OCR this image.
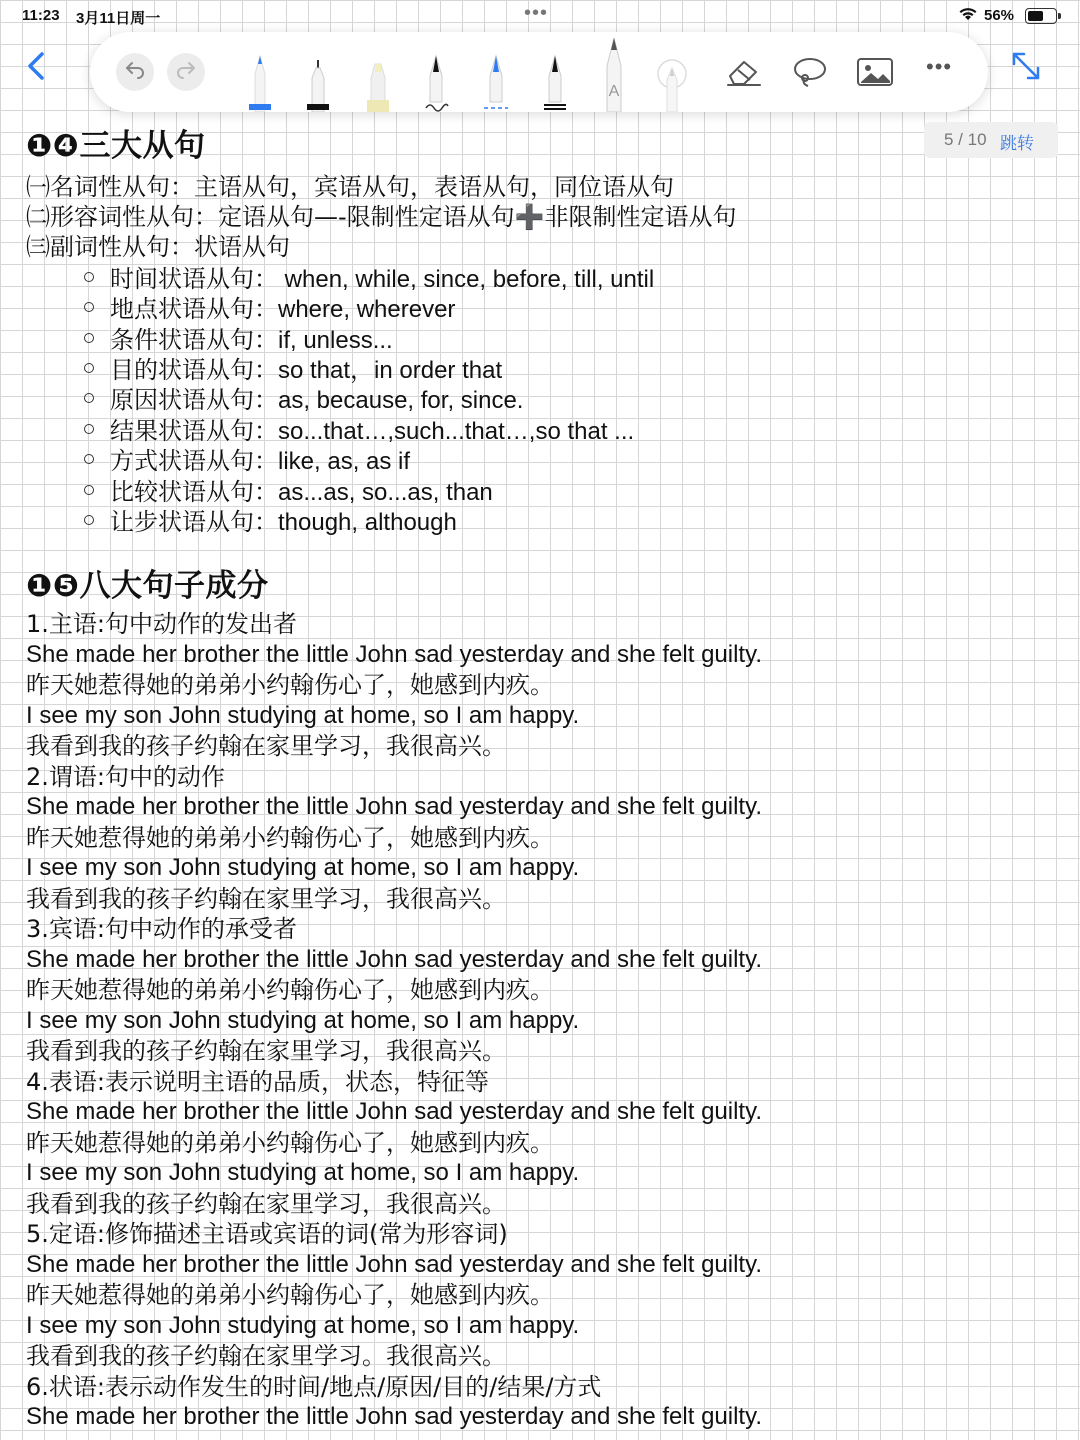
11:23 3月11日周一	•••	56%
A
•••
5 / 10 跳转
❶❹三大从句
㈠名词性从句：主语从句，宾语从句，表语从句，同位语从句
㈡形容词性从句：定语从句—-限制性定语从句➕非限制性定语从句
㈢副词性从句：状语从句
时间状语从句： when, while, since, before, till, until
地点状语从句：where, wherever
条件状语从句：if, unless...
目的状语从句：so that，in order that
原因状语从句：as, because, for, since.
结果状语从句：so...that…,such...that…,so that ...
方式状语从句：like, as, as if
比较状语从句：as...as, so...as, than
让步状语从句：though, although
❶❺八大句子成分
1.主语:句中动作的发出者
She made her brother the little John sad yesterday and she felt guilty.
昨天她惹得她的弟弟小约翰伤心了，她感到内疚。
I see my son John studying at home, so I am happy.
我看到我的孩子约翰在家里学习，我很高兴。
2.谓语:句中的动作
She made her brother the little John sad yesterday and she felt guilty.
昨天她惹得她的弟弟小约翰伤心了，她感到内疚。
I see my son John studying at home, so I am happy.
我看到我的孩子约翰在家里学习，我很高兴。
3.宾语:句中动作的承受者
She made her brother the little John sad yesterday and she felt guilty.
昨天她惹得她的弟弟小约翰伤心了，她感到内疚。
I see my son John studying at home, so I am happy.
我看到我的孩子约翰在家里学习，我很高兴。
4.表语:表示说明主语的品质，状态，特征等
She made her brother the little John sad yesterday and she felt guilty.
昨天她惹得她的弟弟小约翰伤心了，她感到内疚。
I see my son John studying at home, so I am happy.
我看到我的孩子约翰在家里学习，我很高兴。
5.定语:修饰描述主语或宾语的词(常为形容词)
She made her brother the little John sad yesterday and she felt guilty.
昨天她惹得她的弟弟小约翰伤心了，她感到内疚。
I see my son John studying at home, so I am happy.
我看到我的孩子约翰在家里学习。我很高兴。
6.状语:表示动作发生的时间/地点/原因/目的/结果/方式
She made her brother the little John sad yesterday and she felt guilty.
